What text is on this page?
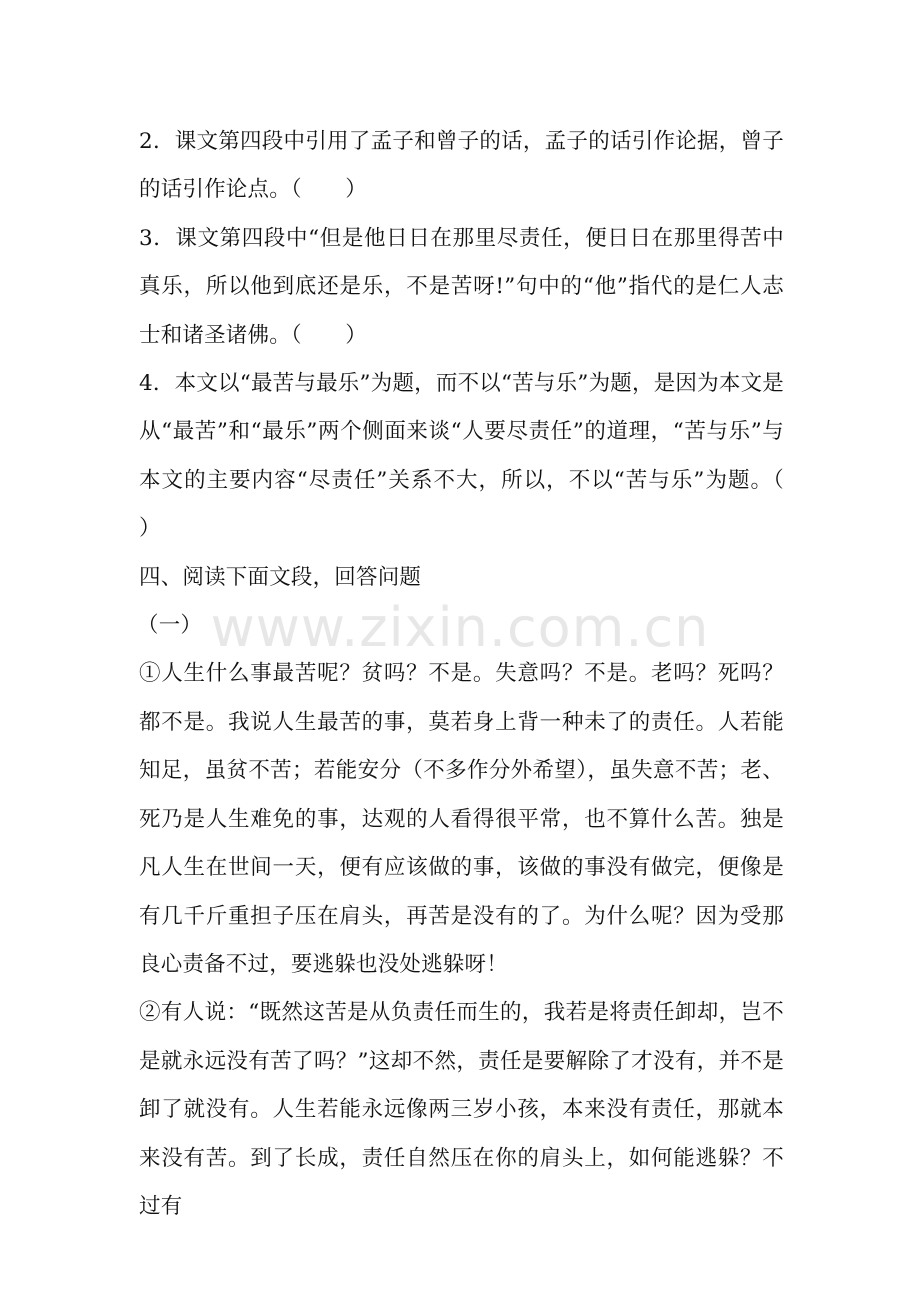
www.zixin.com.cn

2．课文第四段中引用了孟子和曾子的话，孟子的话引作论据，曾子的话引作论点。（　　）

3．课文第四段中“但是他日日在那里尽责任，便日日在那里得苦中真乐，所以他到底还是乐，不是苦呀!”句中的“他”指代的是仁人志士和诸圣诸佛。（　　）

4．本文以“最苦与最乐”为题，而不以“苦与乐”为题，是因为本文是从“最苦”和“最乐”两个侧面来谈“人要尽责任”的道理，“苦与乐”与本文的主要内容“尽责任”关系不大，所以，不以“苦与乐”为题。（　　）

四、阅读下面文段，回答问题

（一）

①人生什么事最苦呢？贫吗？不是。失意吗？不是。老吗？死吗？都不是。我说人生最苦的事，莫若身上背一种未了的责任。人若能知足，虽贫不苦；若能安分（不多作分外希望），虽失意不苦；老、死乃是人生难免的事，达观的人看得很平常，也不算什么苦。独是凡人生在世间一天，便有应该做的事，该做的事没有做完，便像是有几千斤重担子压在肩头，再苦是没有的了。为什么呢？因为受那良心责备不过，要逃躲也没处逃躲呀！

②有人说：“既然这苦是从负责任而生的，我若是将责任卸却，岂不是就永远没有苦了吗？”这却不然，责任是要解除了才没有，并不是卸了就没有。人生若能永远像两三岁小孩，本来没有责任，那就本来没有苦。到了长成，责任自然压在你的肩头上，如何能逃躲？不过有
